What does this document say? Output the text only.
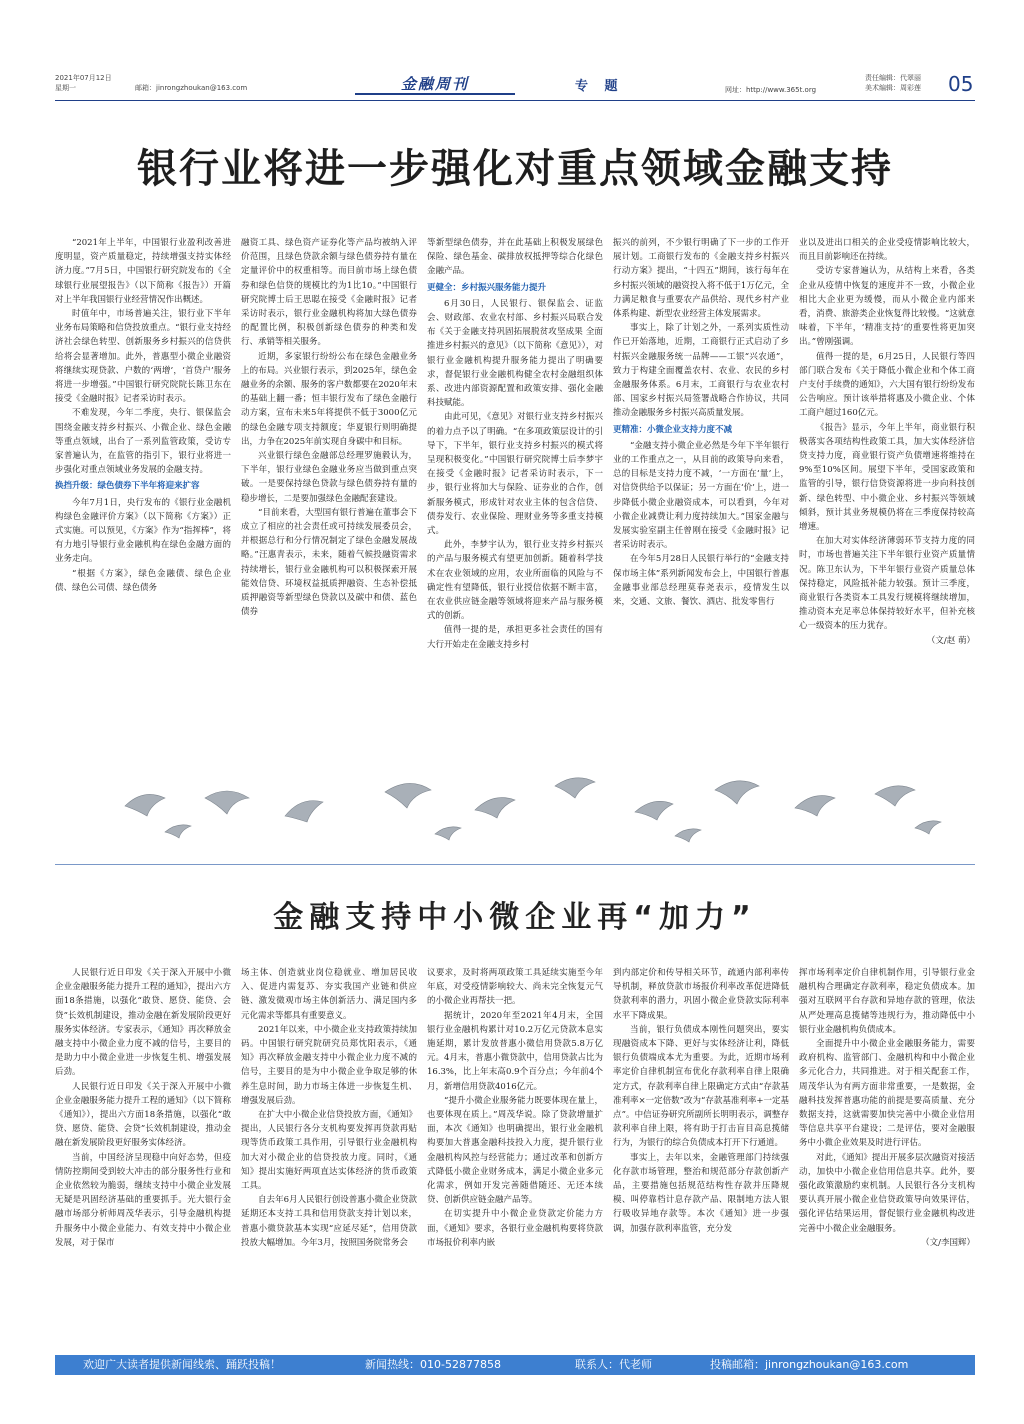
2021年07月12日
星期一	邮箱：jinrongzhoukan@163.com	金融周刊	专 题	网址：http://www.365t.org
责任编辑：代翠丽
美术编辑：周彩莲 05
银行业将进一步强化对重点领域金融支持

“2021年上半年，中国银行业盈利改善进度明显，资产质量稳定，持续增强支持实体经济力度。”7月5日，中国银行研究院发布的《全球银行业展望报告》（以下简称《报告》）开篇对上半年我国银行业经营情况作出概述。

时值年中，市场普遍关注，银行业下半年业务布局策略和信贷投放重点。“银行业支持经济社会绿色转型、创新服务乡村振兴的信贷供给将会显著增加。此外，普惠型小微企业融资将继续实现贷款、户数的‘两增’，‘首贷户’服务将进一步增强。”中国银行研究院院长陈卫东在接受《金融时报》记者采访时表示。

不难发现，今年二季度，央行、银保监会围绕金融支持乡村振兴、小微企业、绿色金融等重点领域，出台了一系列监管政策，受访专家普遍认为，在监管的指引下，银行业将进一步强化对重点领域业务发展的金融支持。

换挡升级：绿色债券下半年将迎来扩容

今年7月1日，央行发布的《银行业金融机构绿色金融评价方案》（以下简称《方案》）正式实施。可以预见，《方案》作为“指挥棒”，将有力地引导银行业金融机构在绿色金融方面的业务走向。

“根据《方案》，绿色金融债、绿色企业债、绿色公司债、绿色债务

融资工具、绿色资产证券化等产品均被纳入评价范围，且绿色贷款余额与绿色债券持有量在定量评价中的权重相等。而目前市场上绿色债券和绿色信贷的规模比约为1比10。”中国银行研究院博士后王思聪在接受《金融时报》记者采访时表示，银行业金融机构将加大绿色债券的配置比例，积极创新绿色债券的种类和发行、承销等相关服务。

近期，多家银行纷纷公布在绿色金融业务上的布局。兴业银行表示，到2025年，绿色金融业务的余额、服务的客户数都要在2020年末的基础上翻一番；恒丰银行发布了绿色金融行动方案，宣布未来5年将提供不低于3000亿元的绿色金融专项支持额度；华夏银行则明确提出，力争在2025年前实现自身碳中和目标。

兴业银行绿色金融部总经理罗施毅认为，下半年，银行业绿色金融业务应当做到重点突破。一是要保持绿色贷款与绿色债券持有量的稳步增长，二是要加强绿色金融配套建设。

“目前来看，大型国有银行普遍在董事会下成立了相应的社会责任或可持续发展委员会，并根据总行和分行情况制定了绿色金融发展战略。”汪惠青表示，未来，随着气候投融资需求持续增长，银行业金融机构可以积极探索开展能效信贷、环境权益抵质押融资、生态补偿抵质押融资等新型绿色贷款以及碳中和债、蓝色债券

等新型绿色债券，并在此基础上积极发展绿色保险、绿色基金、碳排放权抵押等综合化绿色金融产品。

更健全：乡村振兴服务能力提升

6月30日，人民银行、银保监会、证监会、财政部、农业农村部、乡村振兴局联合发布《关于金融支持巩固拓展脱贫攻坚成果 全面推进乡村振兴的意见》（以下简称《意见》），对银行业金融机构提升服务能力提出了明确要求，督促银行业金融机构健全农村金融组织体系、改进内部资源配置和政策安排、强化金融科技赋能。

由此可见，《意见》对银行业支持乡村振兴的着力点予以了明确。“在多项政策层设计的引导下，下半年，银行业支持乡村振兴的模式将呈现积极变化。”中国银行研究院博士后李梦宇在接受《金融时报》记者采访时表示，下一步，银行业将加大与保险、证券业的合作，创新服务模式，形成针对农业主体的包含信贷、债券发行、农业保险、理财业务等多重支持模式。

此外，李梦宇认为，银行业支持乡村振兴的产品与服务模式有望更加创新。随着科学技术在农业领域的应用，农业所面临的风险与不确定性有望降低，银行业授信依据不断丰富，在农业供应链金融等领域将迎来产品与服务模式的创新。

值得一提的是，承担更多社会责任的国有大行开始走在金融支持乡村

振兴的前列，不少银行明确了下一步的工作开展计划。工商银行发布的《金融支持乡村振兴行动方案》提出，“十四五”期间，该行每年在乡村振兴领域的融资投入将不低于1万亿元，全力满足粮食与重要农产品供给、现代乡村产业体系构建、新型农业经营主体发展需求。

事实上，除了计划之外，一系列实质性动作已开始落地，近期，工商银行正式启动了乡村振兴金融服务统一品牌——工银“兴农通”，致力于构建全面覆盖农村、农业、农民的乡村金融服务体系。6月末，工商银行与农业农村部、国家乡村振兴局签署战略合作协议，共同推动金融服务乡村振兴高质量发展。

更精准：小微企业支持力度不减

“金融支持小微企业必然是今年下半年银行业的工作重点之一，从目前的政策导向来看，总的目标是支持力度不减，‘一方面在‘量’上，对信贷供给予以保证；另一方面在‘价’上，进一步降低小微企业融资成本，可以看到，今年对小微企业减费让利力度持续加大。”国家金融与发展实验室副主任曾刚在接受《金融时报》记者采访时表示。

在今年5月28日人民银行举行的“金融支持保市场主体”系列新闻发布会上，中国银行普惠金融事业部总经理莫春尧表示，疫情发生以来，交通、文旅、餐饮、酒店、批发零售行

业以及进出口相关的企业受疫情影响比较大，而且目前影响还在持续。

受访专家普遍认为，从结构上来看，各类企业从疫情中恢复的速度并不一致，小微企业相比大企业更为缓慢，而从小微企业内部来看，消费、旅游类企业恢复得比较慢。“这就意味着，下半年，‘精准支持’的重要性将更加突出。”曾刚强调。

值得一提的是，6月25日，人民银行等四部门联合发布《关于降低小微企业和个体工商户支付手续费的通知》，六大国有银行纷纷发布公告响应。预计该举措将惠及小微企业、个体工商户超过160亿元。

《报告》显示，今年上半年，商业银行积极落实各项结构性政策工具，加大实体经济信贷支持力度，商业银行资产负债增速将维持在9%至10%区间。展望下半年，受国家政策和监管的引导，银行信贷资源将进一步向科技创新、绿色转型、中小微企业、乡村振兴等领域倾斜，预计其业务规模仍将在三季度保持较高增速。

在加大对实体经济薄弱环节支持力度的同时，市场也普遍关注下半年银行业资产质量情况。陈卫东认为，下半年银行业资产质量总体保持稳定，风险抵补能力较强。预计三季度，商业银行各类资本工具发行规模将继续增加，推动资本充足率总体保持较好水平，但补充核心一级资本的压力犹存。

（文/赵 萌）

金融支持中小微企业再“加力”

人民银行近日印发《关于深入开展中小微企业金融服务能力提升工程的通知》，提出六方面18条措施，以强化“敢贷、愿贷、能贷、会贷”长效机制建设，推动金融在新发展阶段更好服务实体经济。专家表示，《通知》再次释放金融支持中小微企业力度不减的信号，主要目的是助力中小微企业进一步恢复生机、增强发展后劲。

人民银行近日印发《关于深入开展中小微企业金融服务能力提升工程的通知》（以下简称《通知》），提出六方面18条措施，以强化“敢贷、愿贷、能贷、会贷”长效机制建设，推动金融在新发展阶段更好服务实体经济。

当前，中国经济呈现稳中向好态势，但疫情防控期间受到较大冲击的部分服务性行业和企业依然较为脆弱，继续支持中小微企业发展无疑是巩固经济基础的重要抓手。光大银行金融市场部分析师周茂华表示，引导金融机构提升服务中小微企业能力、有效支持中小微企业发展，对于保市

场主体、创造就业岗位稳就业、增加居民收入、促进内需复苏、夯实我国产业链和供应链、激发微观市场主体创新活力、满足国内多元化需求等都具有重要意义。

2021年以来，中小微企业支持政策持续加码。中国银行研究院研究员郑忱阳表示，《通知》再次释放金融支持中小微企业力度不减的信号，主要目的是为中小微企业争取足够的休养生息时间，助力市场主体进一步恢复生机、增强发展后劲。

在扩大中小微企业信贷投放方面，《通知》提出，人民银行各分支机构要发挥再贷款再贴现等货币政策工具作用，引导银行业金融机构加大对小微企业的信贷投放力度。同时，《通知》提出实施好两项直达实体经济的货币政策工具。

自去年6月人民银行创设普惠小微企业贷款延期还本支持工具和信用贷款支持计划以来，普惠小微贷款基本实现“应延尽延”，信用贷款投放大幅增加。今年3月，按照国务院常务会

议要求，及时将两项政策工具延续实施至今年年底，对受疫情影响较大、尚未完全恢复元气的小微企业再帮扶一把。

据统计，2020年至2021年4月末，全国银行业金融机构累计对10.2万亿元贷款本息实施延期，累计发放普惠小微信用贷款5.8万亿元。4月末，普惠小微贷款中，信用贷款占比为16.3%，比上年末高0.9个百分点；今年前4个月，新增信用贷款4016亿元。

“提升小微企业服务能力既要体现在量上，也要体现在质上。”周茂华说。除了贷款增量扩面，本次《通知》也明确提出，银行业金融机构要加大普惠金融科技投入力度，提升银行业金融机构风控与经营能力；通过改革和创新方式降低小微企业财务成本，满足小微企业多元化需求，例如开发完善随借随还、无还本续贷、创新供应链金融产品等。

在切实提升中小微企业贷款定价能力方面，《通知》要求，各银行业金融机构要将贷款市场报价利率内嵌

到内部定价和传导相关环节，疏通内部利率传导机制，释放贷款市场报价利率改革促进降低贷款利率的潜力，巩固小微企业贷款实际利率水平下降成果。

当前，银行负债成本刚性问题突出，要实现融资成本下降、更好与实体经济让利，降低银行负债端成本尤为重要。为此，近期市场利率定价自律机制宣布优化存款利率自律上限确定方式，存款利率自律上限确定方式由“存款基准利率×一定倍数”改为“存款基准利率+一定基点”。中信证券研究所副所长明明表示，调整存款利率自律上限，将有助于打击盲目高息揽储行为，为银行的综合负债成本打开下行通道。

事实上，去年以来，金融管理部门持续强化存款市场管理，整治和规范部分存款创新产品，主要措施包括规范结构性存款并压降规模、叫停靠档计息存款产品、限制地方法人银行吸收异地存款等。本次《通知》进一步强调，加强存款利率监管，充分发

挥市场利率定价自律机制作用，引导银行业金融机构合理确定存款利率，稳定负债成本。加强对互联网平台存款和异地存款的管理，依法从严处理高息揽储等违规行为，推动降低中小银行业金融机构负债成本。

全面提升中小微企业金融服务能力，需要政府机构、监管部门、金融机构和中小微企业多元化合力，共同推进。对于相关配套工作，周茂华认为有两方面非常重要，一是数据，金融科技发挥普惠功能的前提是要高质量、充分数据支持，这就需要加快完善中小微企业信用等信息共享平台建设；二是评估，要对金融服务中小微企业效果及时进行评估。

对此，《通知》提出开展多层次融资对接活动，加快中小微企业信用信息共享。此外，要强化政策激励约束机制。人民银行各分支机构要认真开展小微企业信贷政策导向效果评估，强化评估结果运用，督促银行业金融机构改进完善中小微企业金融服务。

（文/李国辉）

欢迎广大读者提供新闻线索、踊跃投稿！	新闻热线：010-52877858	联系人：代老师	投稿邮箱：jinrongzhoukan@163.com
